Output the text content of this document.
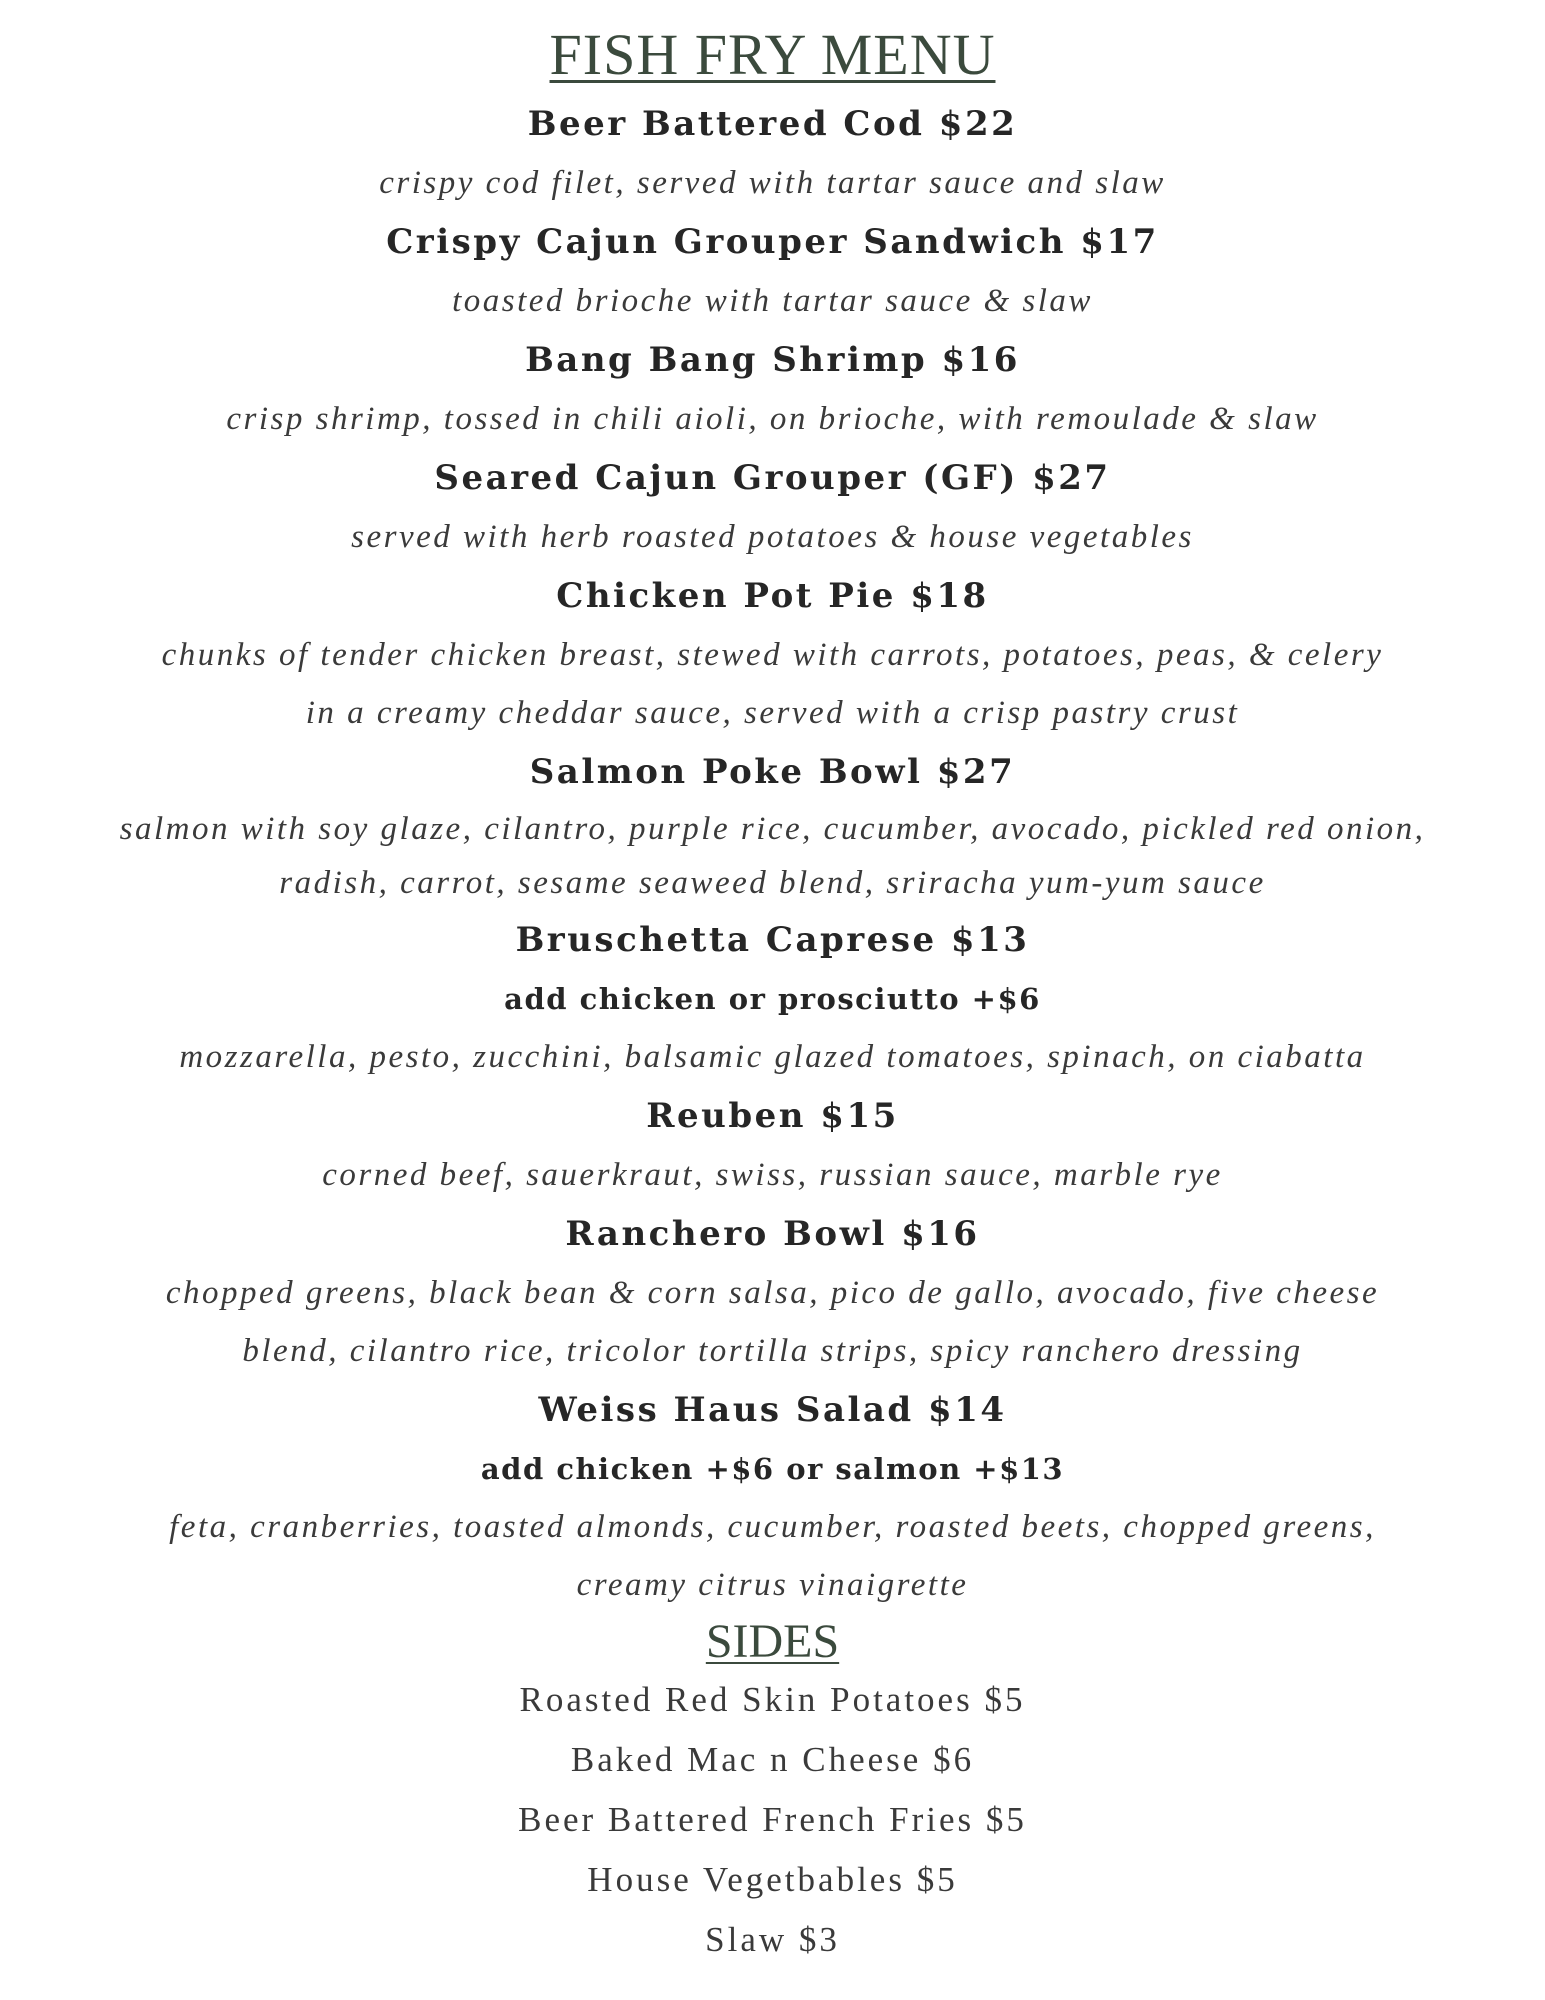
FISH FRY MENU
Beer Battered Cod $22
crispy cod filet, served with tartar sauce and slaw
Crispy Cajun Grouper Sandwich $17
toasted brioche with tartar sauce & slaw
Bang Bang Shrimp $16
crisp shrimp, tossed in chili aioli, on brioche, with remoulade & slaw
Seared Cajun Grouper (GF) $27
served with herb roasted potatoes & house vegetables
Chicken Pot Pie $18
chunks of tender chicken breast, stewed with carrots, potatoes, peas, & celery
in a creamy cheddar sauce, served with a crisp pastry crust
Salmon Poke Bowl $27
salmon with soy glaze, cilantro, purple rice, cucumber, avocado, pickled red onion,
radish, carrot, sesame seaweed blend, sriracha yum-yum sauce
Bruschetta Caprese $13
add chicken or prosciutto +$6
mozzarella, pesto, zucchini, balsamic glazed tomatoes, spinach, on ciabatta
Reuben $15
corned beef, sauerkraut, swiss, russian sauce, marble rye
Ranchero Bowl $16
chopped greens, black bean & corn salsa, pico de gallo, avocado, five cheese
blend, cilantro rice, tricolor tortilla strips, spicy ranchero dressing
Weiss Haus Salad $14
add chicken +$6 or salmon +$13
feta, cranberries, toasted almonds, cucumber, roasted beets, chopped greens,
creamy citrus vinaigrette
SIDES
Roasted Red Skin Potatoes $5
Baked Mac n Cheese $6
Beer Battered French Fries $5
House Vegetbables $5
Slaw $3
